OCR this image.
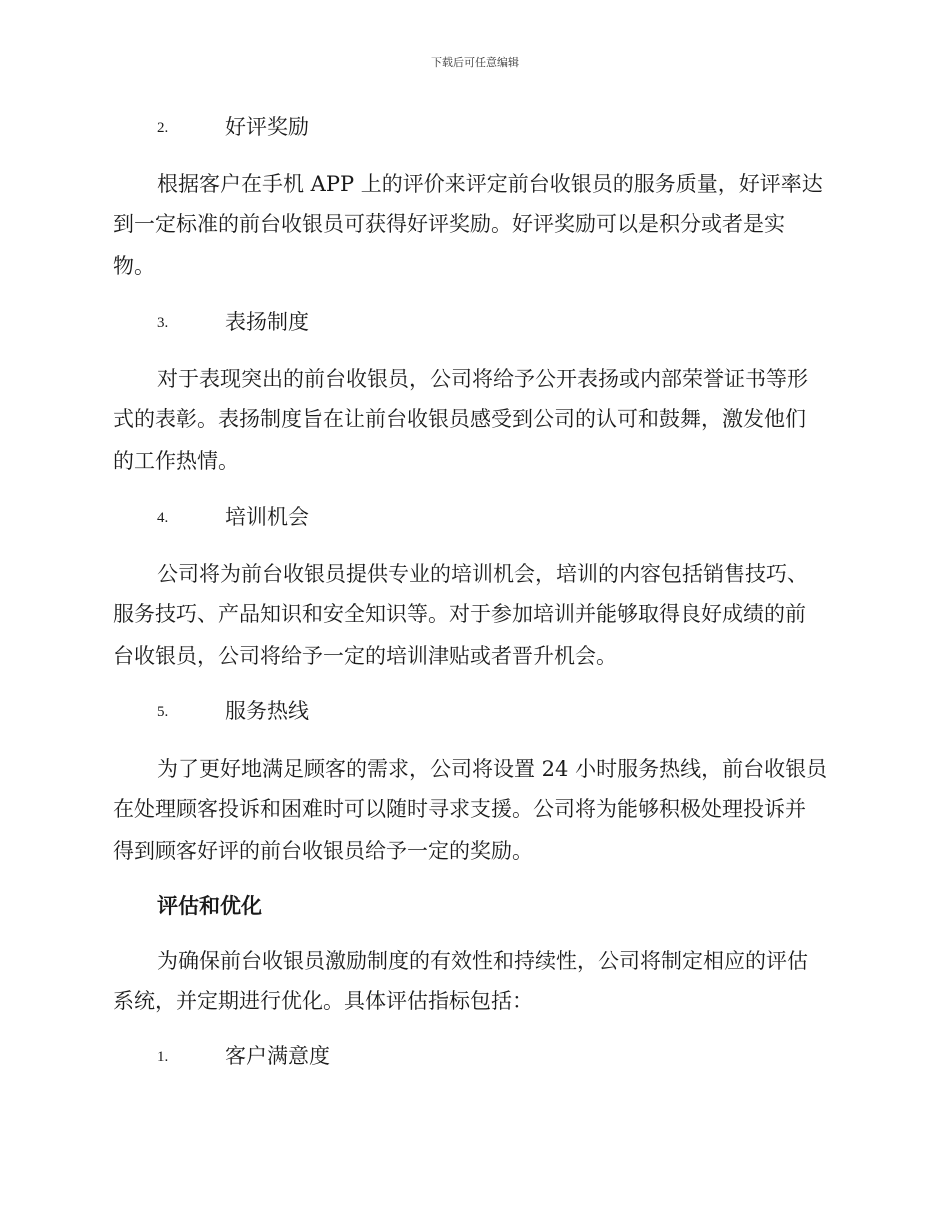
下载后可任意编辑
2.	好评奖励
根据客户在手机 APP 上的评价来评定前台收银员的服务质量，好评率达
到一定标准的前台收银员可获得好评奖励。好评奖励可以是积分或者是实
物。
3.	表扬制度
对于表现突出的前台收银员，公司将给予公开表扬或内部荣誉证书等形
式的表彰。表扬制度旨在让前台收银员感受到公司的认可和鼓舞，激发他们
的工作热情。
4.	培训机会
公司将为前台收银员提供专业的培训机会，培训的内容包括销售技巧、
服务技巧、产品知识和安全知识等。对于参加培训并能够取得良好成绩的前
台收银员，公司将给予一定的培训津贴或者晋升机会。
5.	服务热线
为了更好地满足顾客的需求，公司将设置 24 小时服务热线，前台收银员
在处理顾客投诉和困难时可以随时寻求支援。公司将为能够积极处理投诉并
得到顾客好评的前台收银员给予一定的奖励。
评估和优化
为确保前台收银员激励制度的有效性和持续性，公司将制定相应的评估
系统，并定期进行优化。具体评估指标包括：
1.	客户满意度
